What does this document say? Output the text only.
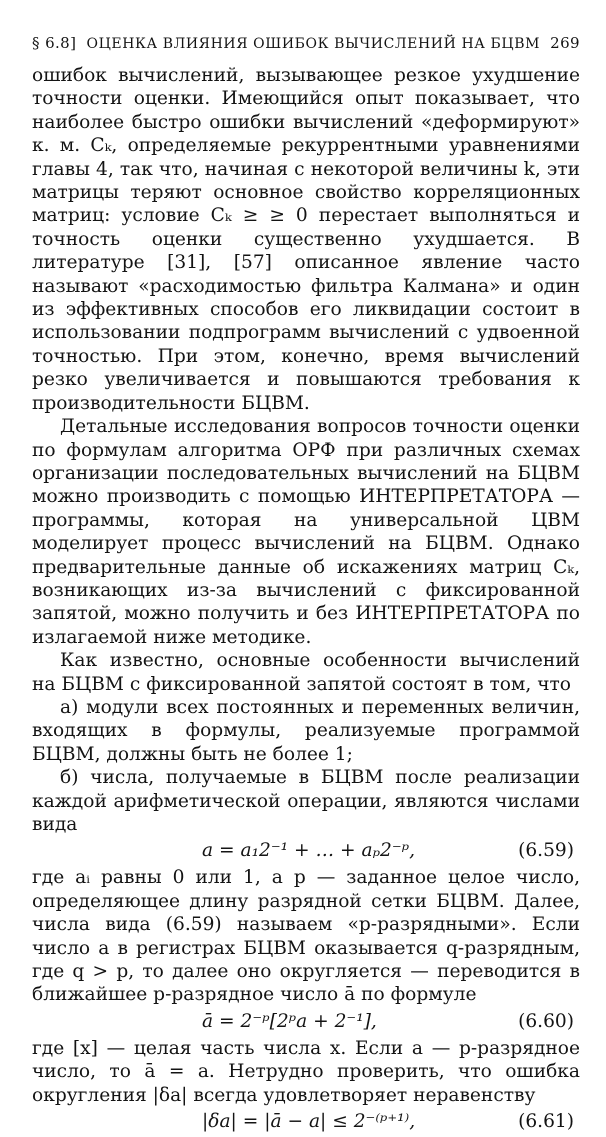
§ 6.8] ОЦЕНКА ВЛИЯНИЯ ОШИБОК ВЫЧИСЛЕНИЙ НА БЦВМ 269

ошибок вычислений, вызывающее резкое ухудшение точности оценки. Имеющийся опыт показывает, что наиболее быстро ошибки вычислений «деформируют» к. м. Cₖ, определяемые рекуррентными уравнениями главы 4, так что, начиная с некоторой величины k, эти матрицы теряют основное свойство корреляционных матриц: условие Cₖ ≥ ≥ 0 перестает выполняться и точность оценки существенно ухудшается. В литературе [31], [57] описанное явление часто называют «расходимостью фильтра Калмана» и один из эффективных способов его ликвидации состоит в использовании подпрограмм вычислений с удвоенной точностью. При этом, конечно, время вычислений резко увеличивается и повышаются требования к производительности БЦВМ.

Детальные исследования вопросов точности оценки по формулам алгоритма ОРФ при различных схемах организации последовательных вычислений на БЦВМ можно производить с помощью ИНТЕРПРЕТАТОРА — программы, которая на универсальной ЦВМ моделирует процесс вычислений на БЦВМ. Однако предварительные данные об искажениях матриц Cₖ, возникающих из-за вычислений с фиксированной запятой, можно получить и без ИНТЕРПРЕТАТОРА по излагаемой ниже методике.

Как известно, основные особенности вычислений на БЦВМ с фиксированной запятой состоят в том, что

а) модули всех постоянных и переменных величин, входящих в формулы, реализуемые программой БЦВМ, должны быть не более 1;

б) числа, получаемые в БЦВМ после реализации каждой арифметической операции, являются числами вида

a = a₁2⁻¹ + … + aₚ2⁻ᵖ,	(6.59)

где aᵢ равны 0 или 1, а p — заданное целое число, определяющее длину разрядной сетки БЦВМ. Далее, числа вида (6.59) называем «p-разрядными». Если число a в регистрах БЦВМ оказывается q-разрядным, где q > p, то далее оно округляется — переводится в ближайшее p-разрядное число ā по формуле

ā = 2⁻ᵖ[2ᵖa + 2⁻¹],	(6.60)

где [x] — целая часть числа x. Если a — p-разрядное число, то ā = a. Нетрудно проверить, что ошибка округления |δa| всегда удовлетворяет неравенству

|δa| = |ā − a| ≤ 2⁻⁽ᵖ⁺¹⁾,	(6.61)
